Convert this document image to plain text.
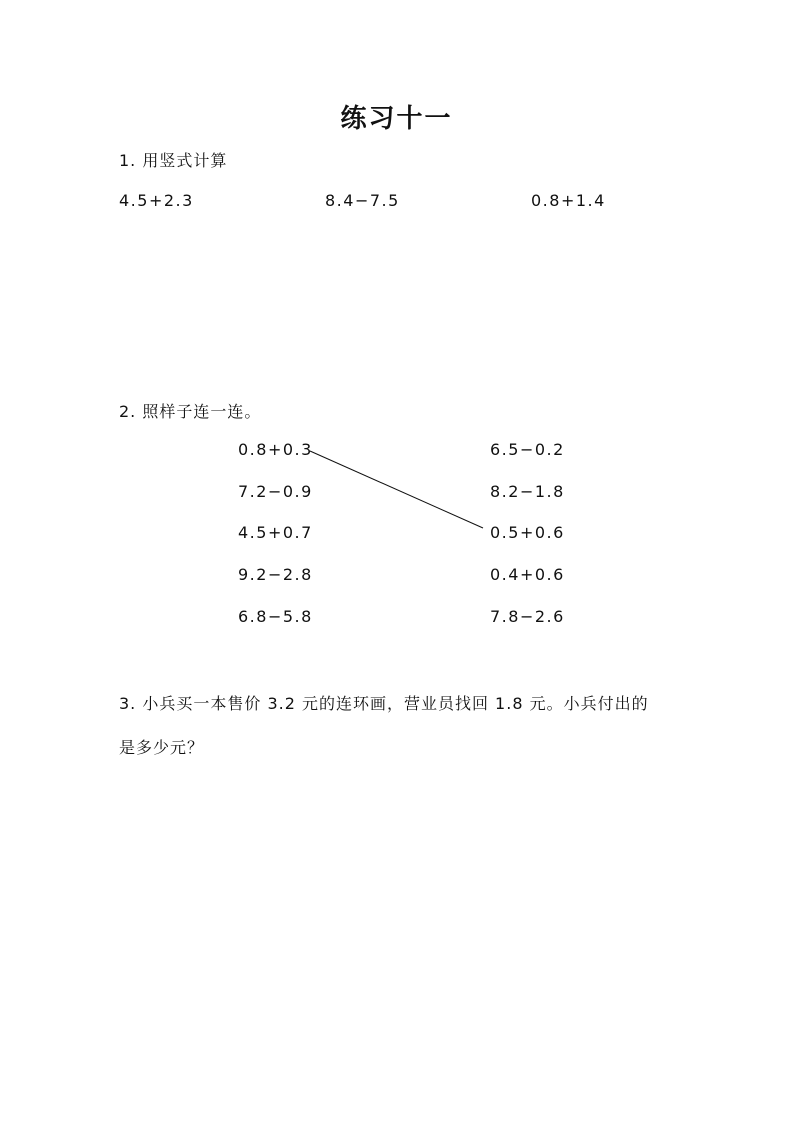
练习十一
1. 用竖式计算
4.5+2.3	8.4−7.5	0.8+1.4
2. 照样子连一连。
0.8+0.3
7.2−0.9
4.5+0.7
9.2−2.8
6.8−5.8
6.5−0.2
8.2−1.8
0.5+0.6
0.4+0.6
7.8−2.6
3. 小兵买一本售价 3.2 元的连环画，营业员找回 1.8 元。小兵付出的
是多少元？
